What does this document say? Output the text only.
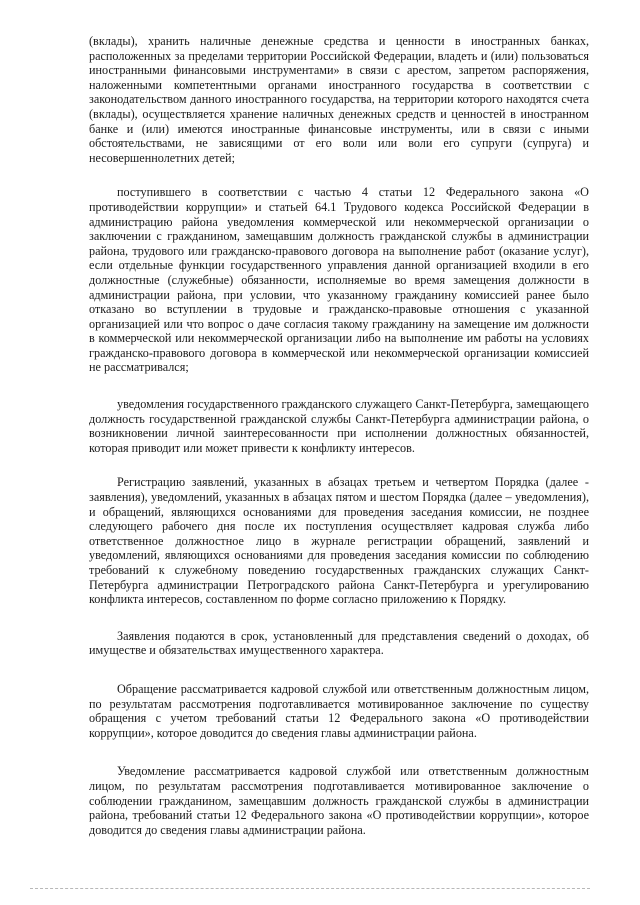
(вклады), хранить наличные денежные средства и ценности в иностранных банках, расположенных за пределами территории Российской Федерации, владеть и (или) пользоваться иностранными финансовыми инструментами» в связи с арестом, запретом распоряжения, наложенными компетентными органами иностранного государства в соответствии с законодательством данного иностранного государства, на территории которого находятся счета (вклады), осуществляется хранение наличных денежных средств и ценностей в иностранном банке и (или) имеются иностранные финансовые инструменты, или в связи с иными обстоятельствами, не зависящими от его воли или воли его супруги (супруга) и несовершеннолетних детей;

поступившего в соответствии с частью 4 статьи 12 Федерального закона «О противодействии коррупции» и статьей 64.1 Трудового кодекса Российской Федерации в администрацию района уведомления коммерческой или некоммерческой организации о заключении с гражданином, замещавшим должность гражданской службы в администрации района, трудового или гражданско-правового договора на выполнение работ (оказание услуг), если отдельные функции государственного управления данной организацией входили в его должностные (служебные) обязанности, исполняемые во время замещения должности в администрации района, при условии, что указанному гражданину комиссией ранее было отказано во вступлении в трудовые и гражданско-правовые отношения с указанной организацией или что вопрос о даче согласия такому гражданину на замещение им должности в коммерческой или некоммерческой организации либо на выполнение им работы на условиях гражданско-правового договора в коммерческой или некоммерческой организации комиссией не рассматривался;

уведомления государственного гражданского служащего Санкт-Петербурга, замещающего должность государственной гражданской службы Санкт-Петербурга администрации района, о возникновении личной заинтересованности при исполнении должностных обязанностей, которая приводит или может привести к конфликту интересов.

Регистрацию заявлений, указанных в абзацах третьем и четвертом Порядка (далее - заявления), уведомлений, указанных в абзацах пятом и шестом Порядка (далее – уведомления), и обращений, являющихся основаниями для проведения заседания комиссии, не позднее следующего рабочего дня после их поступления осуществляет кадровая служба либо ответственное должностное лицо в журнале регистрации обращений, заявлений и уведомлений, являющихся основаниями для проведения заседания комиссии по соблюдению требований к служебному поведению государственных гражданских служащих Санкт-Петербурга администрации Петроградского района Санкт-Петербурга и урегулированию конфликта интересов, составленном по форме согласно приложению к Порядку.

Заявления подаются в срок, установленный для представления сведений о доходах, об имуществе и обязательствах имущественного характера.

Обращение рассматривается кадровой службой или ответственным должностным лицом, по результатам рассмотрения подготавливается мотивированное заключение по существу обращения с учетом требований статьи 12 Федерального закона «О противодействии коррупции», которое доводится до сведения главы администрации района.

Уведомление рассматривается кадровой службой или ответственным должностным лицом, по результатам рассмотрения подготавливается мотивированное заключение о соблюдении гражданином, замещавшим должность гражданской службы в администрации района, требований статьи 12 Федерального закона «О противодействии коррупции», которое доводится до сведения главы администрации района.
